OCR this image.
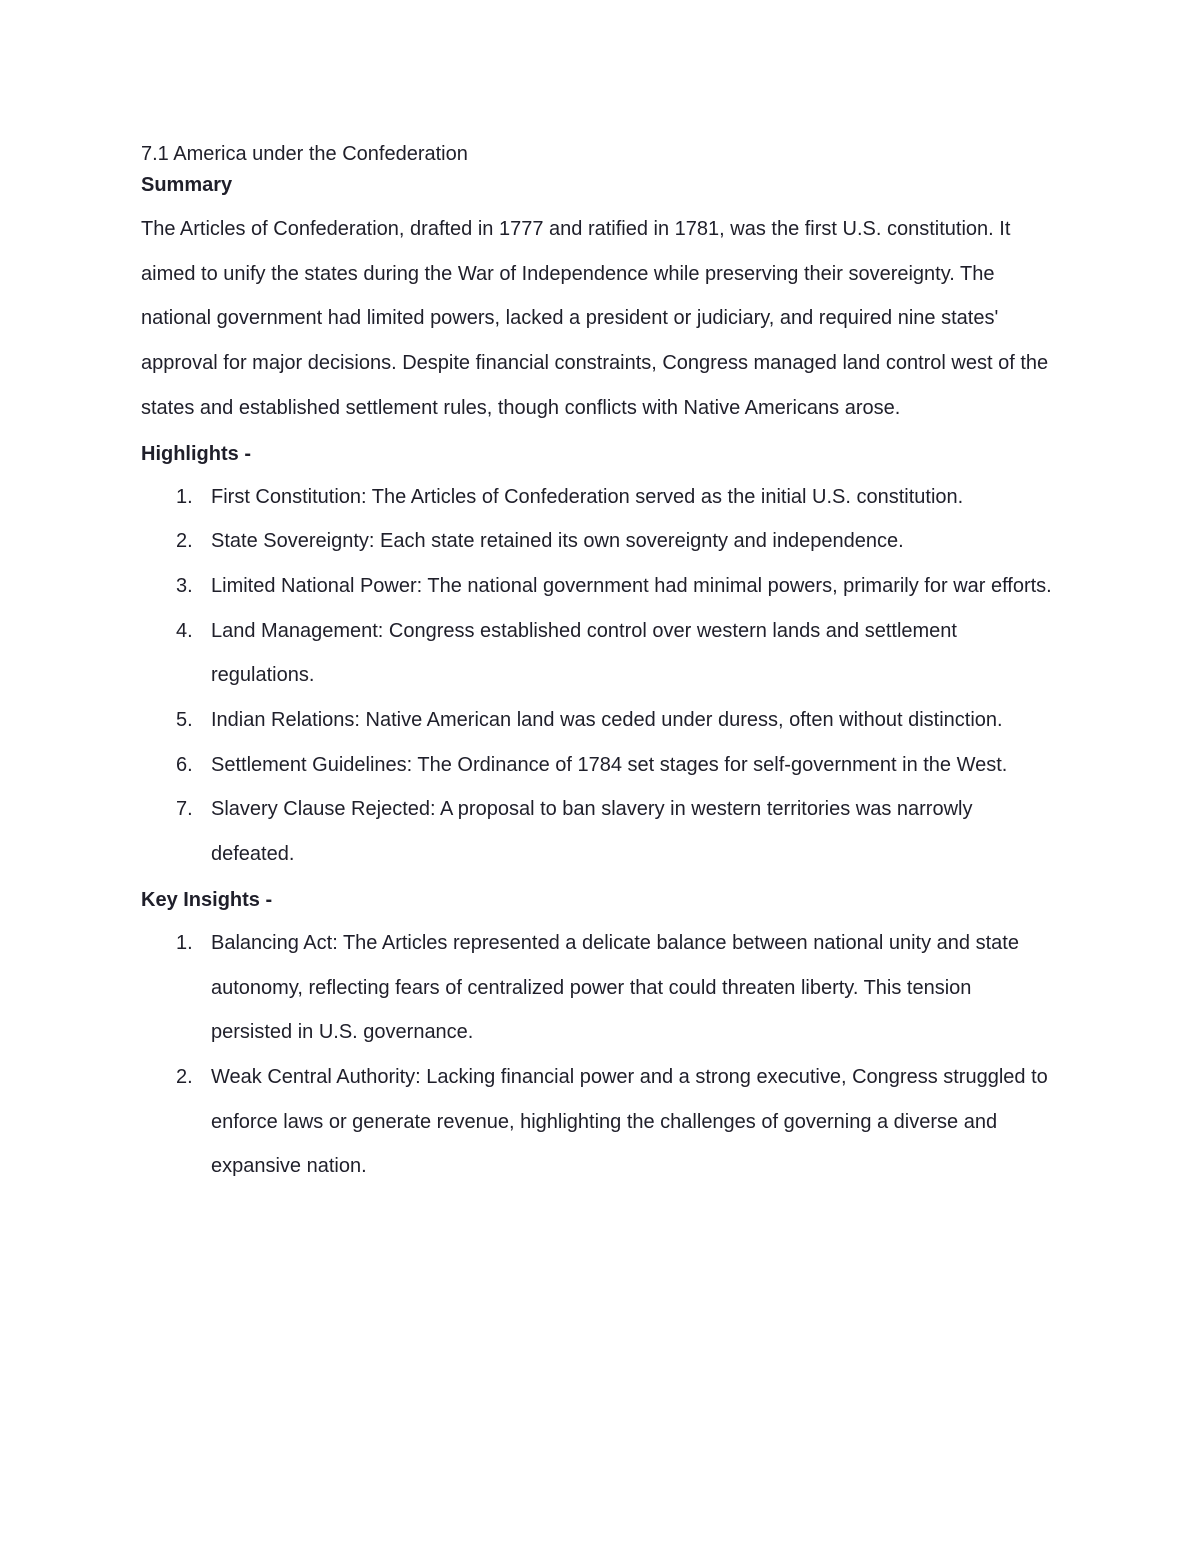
7.1 America under the Confederation
Summary

The Articles of Confederation, drafted in 1777 and ratified in 1781, was the first U.S. constitution. It aimed to unify the states during the War of Independence while preserving their sovereignty. The national government had limited powers, lacked a president or judiciary, and required nine states' approval for major decisions. Despite financial constraints, Congress managed land control west of the states and established settlement rules, though conflicts with Native Americans arose.

Highlights -
1. First Constitution: The Articles of Confederation served as the initial U.S. constitution.
2. State Sovereignty: Each state retained its own sovereignty and independence.
3. Limited National Power: The national government had minimal powers, primarily for war efforts.
4. Land Management: Congress established control over western lands and settlement regulations.
5. Indian Relations: Native American land was ceded under duress, often without distinction.
6. Settlement Guidelines: The Ordinance of 1784 set stages for self-government in the West.
7. Slavery Clause Rejected: A proposal to ban slavery in western territories was narrowly defeated.
Key Insights -
1. Balancing Act: The Articles represented a delicate balance between national unity and state autonomy, reflecting fears of centralized power that could threaten liberty. This tension persisted in U.S. governance.
2. Weak Central Authority: Lacking financial power and a strong executive, Congress struggled to enforce laws or generate revenue, highlighting the challenges of governing a diverse and expansive nation.
